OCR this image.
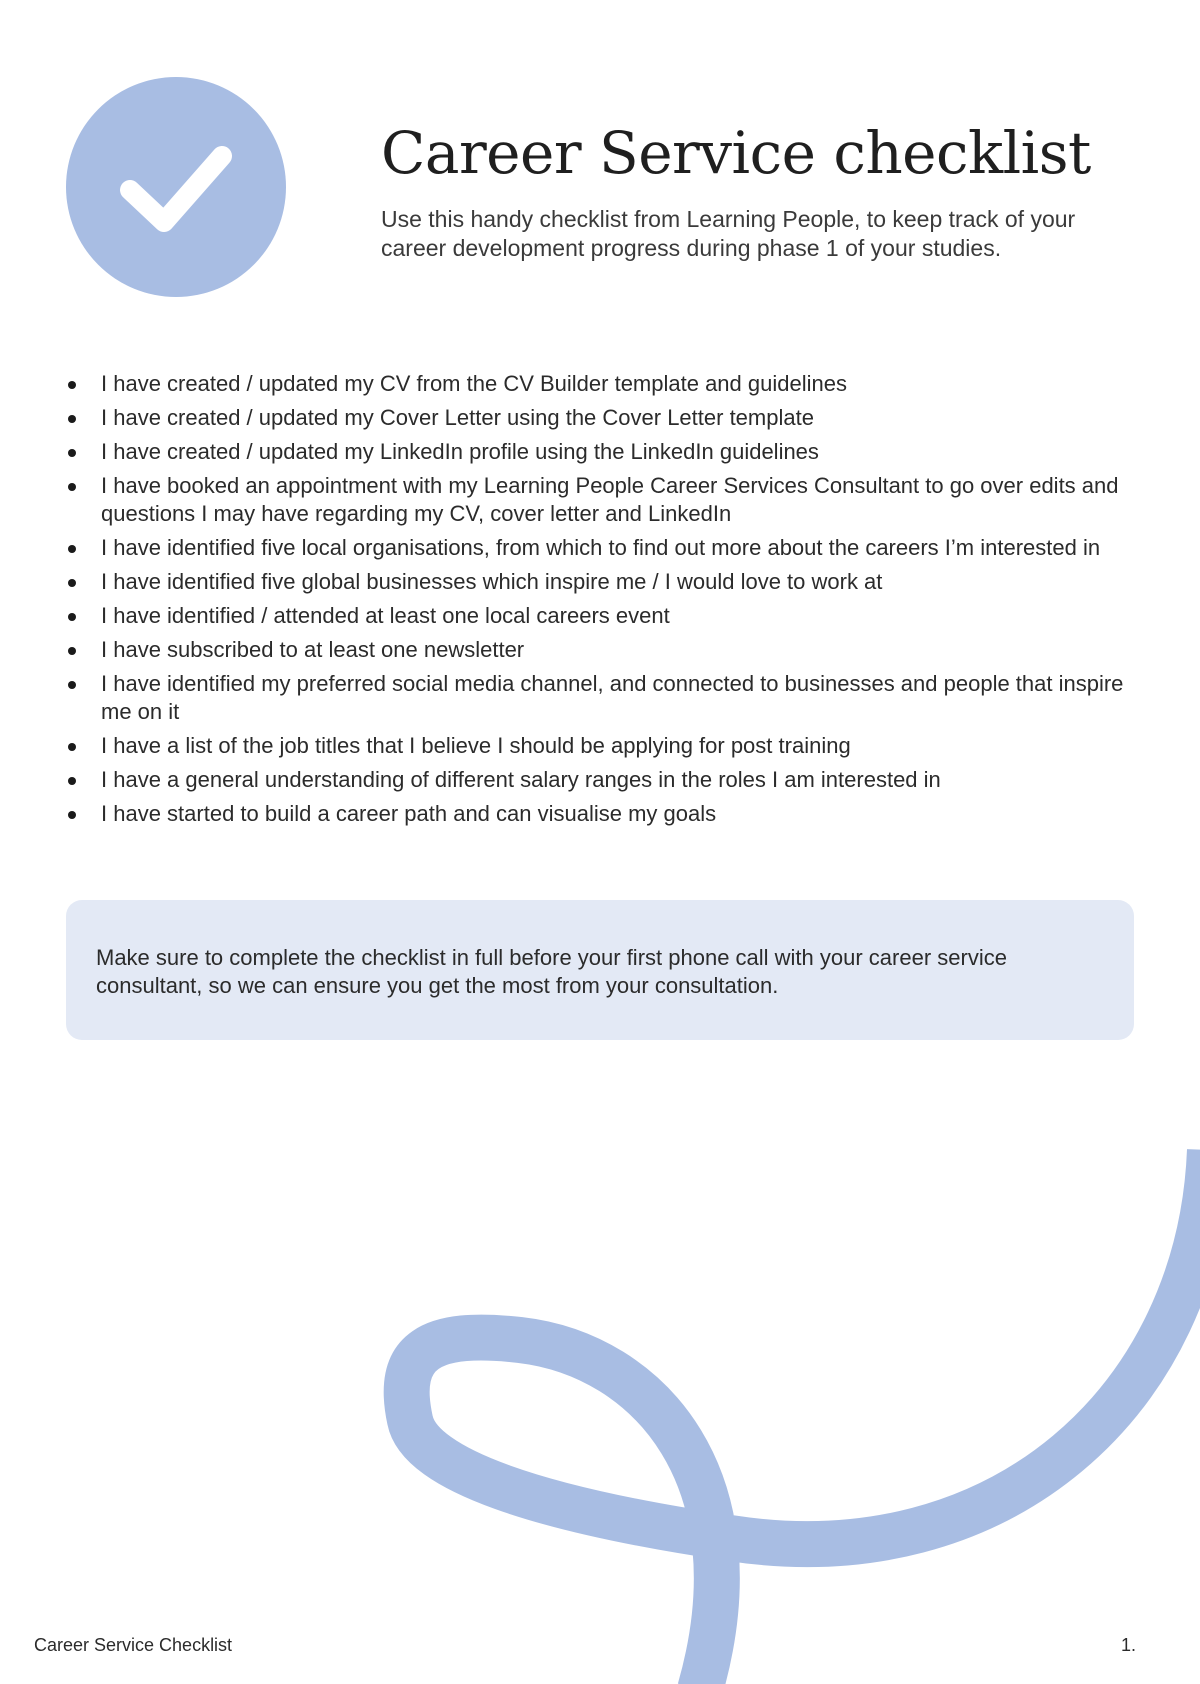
Career Service checklist

Use this handy checklist from Learning People, to keep track of your career development progress during phase 1 of your studies.

I have created / updated my CV from the CV Builder template and guidelines
I have created / updated my Cover Letter using the Cover Letter template
I have created / updated my LinkedIn profile using the LinkedIn guidelines
I have booked an appointment with my Learning People Career Services Consultant to go over edits and questions I may have regarding my CV, cover letter and LinkedIn
I have identified five local organisations, from which to find out more about the careers I’m interested in
I have identified five global businesses which inspire me / I would love to work at
I have identified / attended at least one local careers event
I have subscribed to at least one newsletter
I have identified my preferred social media channel, and connected to businesses and people that inspire me on it
I have a list of the job titles that I believe I should be applying for post training
I have a general understanding of different salary ranges in the roles I am interested in
I have started to build a career path and can visualise my goals

Make sure to complete the checklist in full before your first phone call with your career service consultant, so we can ensure you get the most from your consultation.

Career Service Checklist	1.
